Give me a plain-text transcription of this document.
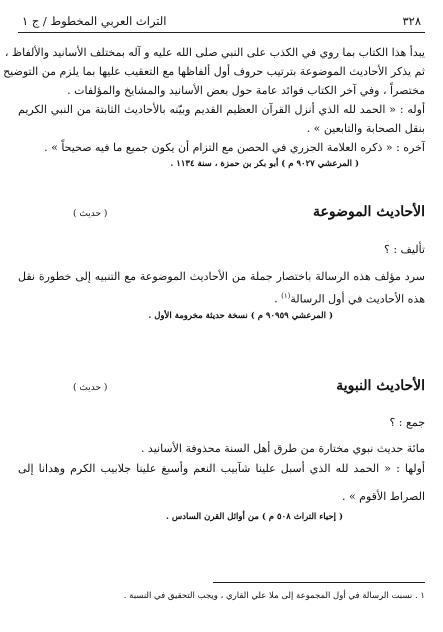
٣٢٨
التراث العربي المخطوط / ج ١
يبدأ هذا الكتاب بما روي في الكذب على النبي صلى الله عليه و آله بمختلف الأسانيد والألفاظ ،
ثم يذكر الأحاديث الموضوعة بترتيب حروف أول ألفاظها مع التعقيب عليها بما يلزم من التوضيح
مختصراً ، وفي آخر الكتاب فوائد عامة حول بعض الأسانيد والمشايخ والمؤلفات .
أوله : « الحمد لله الذي أنزل القرآن العظيم القديم وبيّنه بالأحاديث الثابتة من النبي الكريم
بنقل الصحابة والتابعين » .
آخره : « ذكره العلامة الجزري في الحصن مع التزام أن يكون جميع ما فيه صحيحاً » .
( المرعشي ٩٠٢٧ م ) أبو بكر بن حمزة ، سنة ١١٣٤ .
الأحاديث الموضوعة
( حديث )
تأليف : ؟
سرد مؤلف هذه الرسالة باختصار جملة من الأحاديث الموضوعة مع التنبيه إلى خطورة نقل
هذه الأحاديث في أول الرسالة$^{(١)}$ .
( المرعشي ٩٠٩٥٩ م ) نسخة حديثة مخرومة الأول .
الأحاديث النبوية
( حديث )
جمع : ؟
مائة حديث نبوي مختارة من طرق أهل السنة محذوفة الأسانيد .
أولها : « الحمد لله الذي أسبل علينا شآبيب النعم وأسبغ علينا جلابيب الكرم وهدانا إلى
الصراط الأقوم » .
( إحياء التراث ٥٠٨ م ) من أوائل القرن السادس .
١ . نسبت الرسالة في أول المجموعة إلى ملا علي القاري ، ويجب التحقيق في النسبة .
